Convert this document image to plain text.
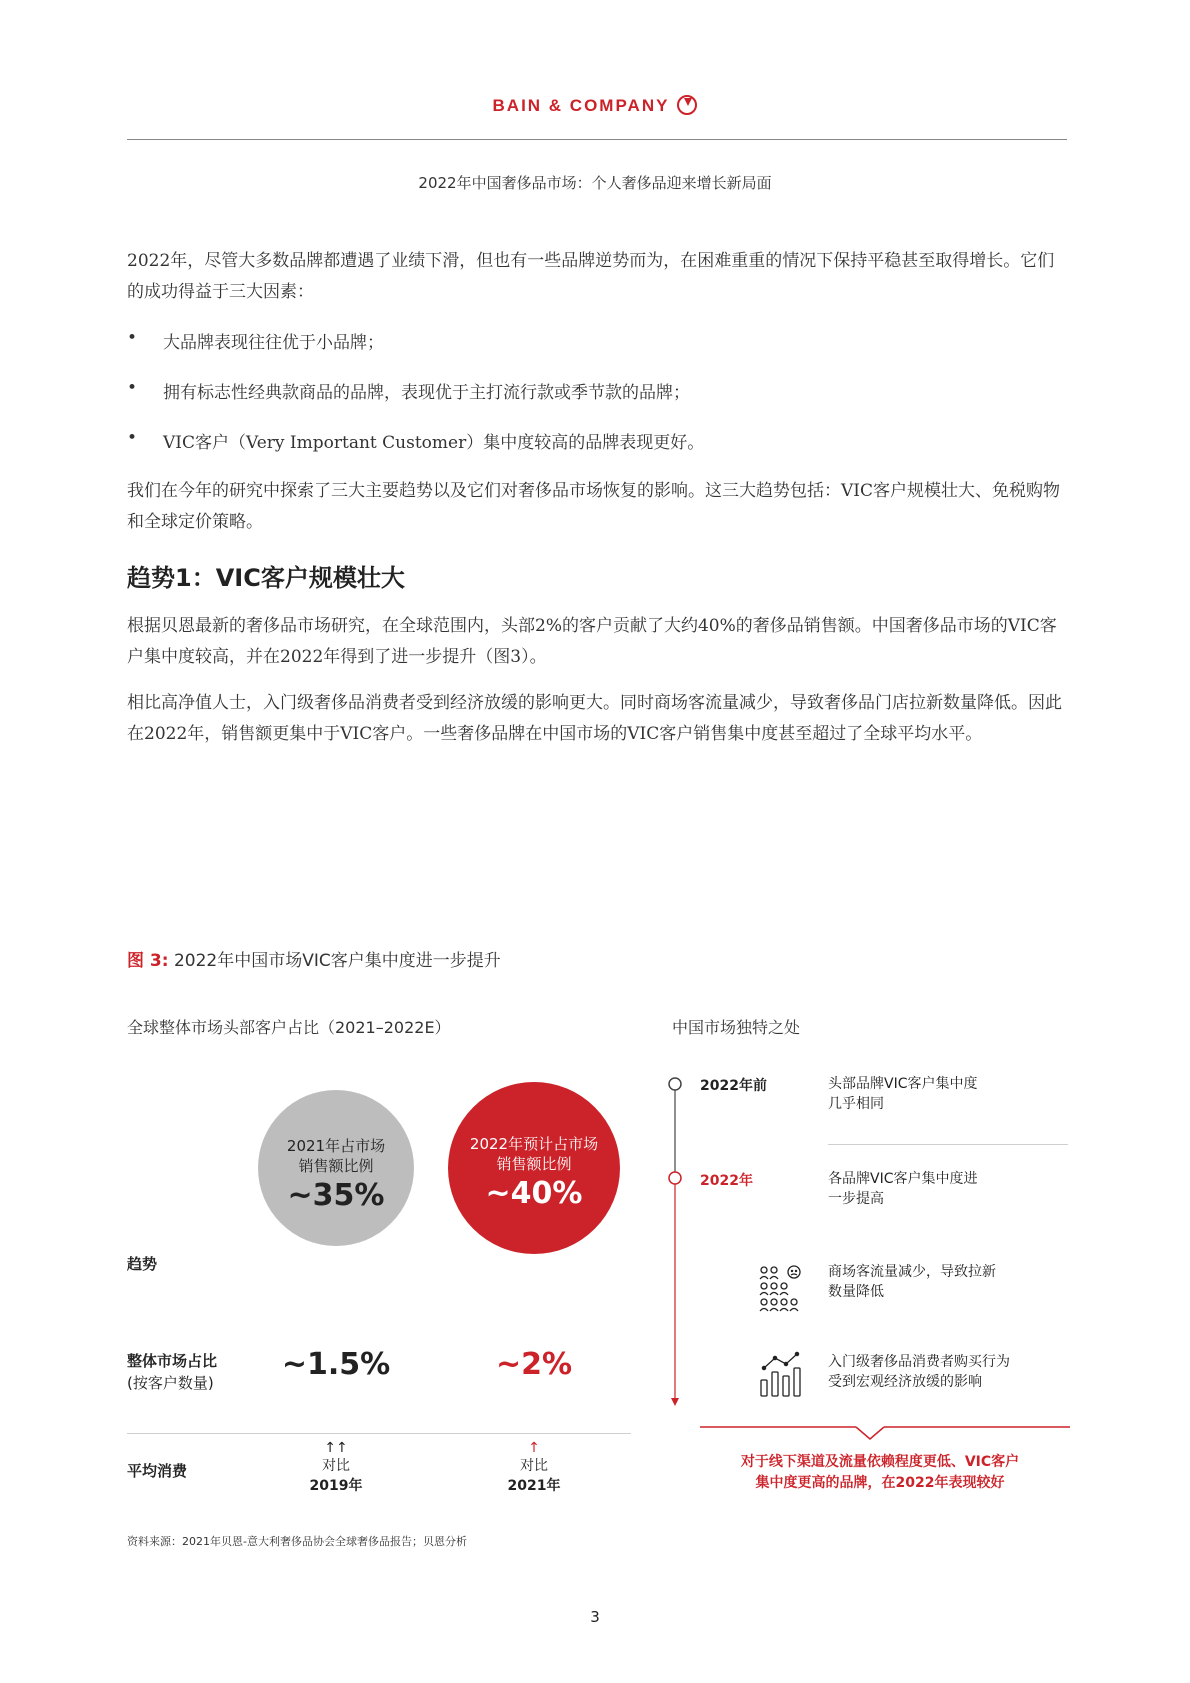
BAIN & COMPANY
2022年中国奢侈品市场：个人奢侈品迎来增长新局面
2022年，尽管大多数品牌都遭遇了业绩下滑，但也有一些品牌逆势而为，在困难重重的情况下保持平稳甚至取得增长。它们的成功得益于三大因素：
• 大品牌表现往往优于小品牌；
• 拥有标志性经典款商品的品牌，表现优于主打流行款或季节款的品牌；
• VIC客户（Very Important Customer）集中度较高的品牌表现更好。
我们在今年的研究中探索了三大主要趋势以及它们对奢侈品市场恢复的影响。这三大趋势包括：VIC客户规模壮大、免税购物和全球定价策略。
趋势1：VIC客户规模壮大
根据贝恩最新的奢侈品市场研究，在全球范围内，头部2%的客户贡献了大约40%的奢侈品销售额。中国奢侈品市场的VIC客户集中度较高，并在2022年得到了进一步提升（图3）。
相比高净值人士，入门级奢侈品消费者受到经济放缓的影响更大。同时商场客流量减少，导致奢侈品门店拉新数量降低。因此在2022年，销售额更集中于VIC客户。一些奢侈品牌在中国市场的VIC客户销售集中度甚至超过了全球平均水平。
图 3: 2022年中国市场VIC客户集中度进一步提升
全球整体市场头部客户占比（2021–2022E）	中国市场独特之处
2021年占市场
销售额比例
~35%
2022年预计占市场
销售额比例
~40%
趋势
整体市场占比
(按客户数量)
~1.5%	~2%
平均消费
↑↑
对比
2019年
↑
对比
2021年
2022年前	头部品牌VIC客户集中度
几乎相同
2022年	各品牌VIC客户集中度进
一步提高
商场客流量减少，导致拉新
数量降低
入门级奢侈品消费者购买行为
受到宏观经济放缓的影响
对于线下渠道及流量依赖程度更低、VIC客户
集中度更高的品牌，在2022年表现较好
资料来源：2021年贝恩-意大利奢侈品协会全球奢侈品报告；贝恩分析
3
